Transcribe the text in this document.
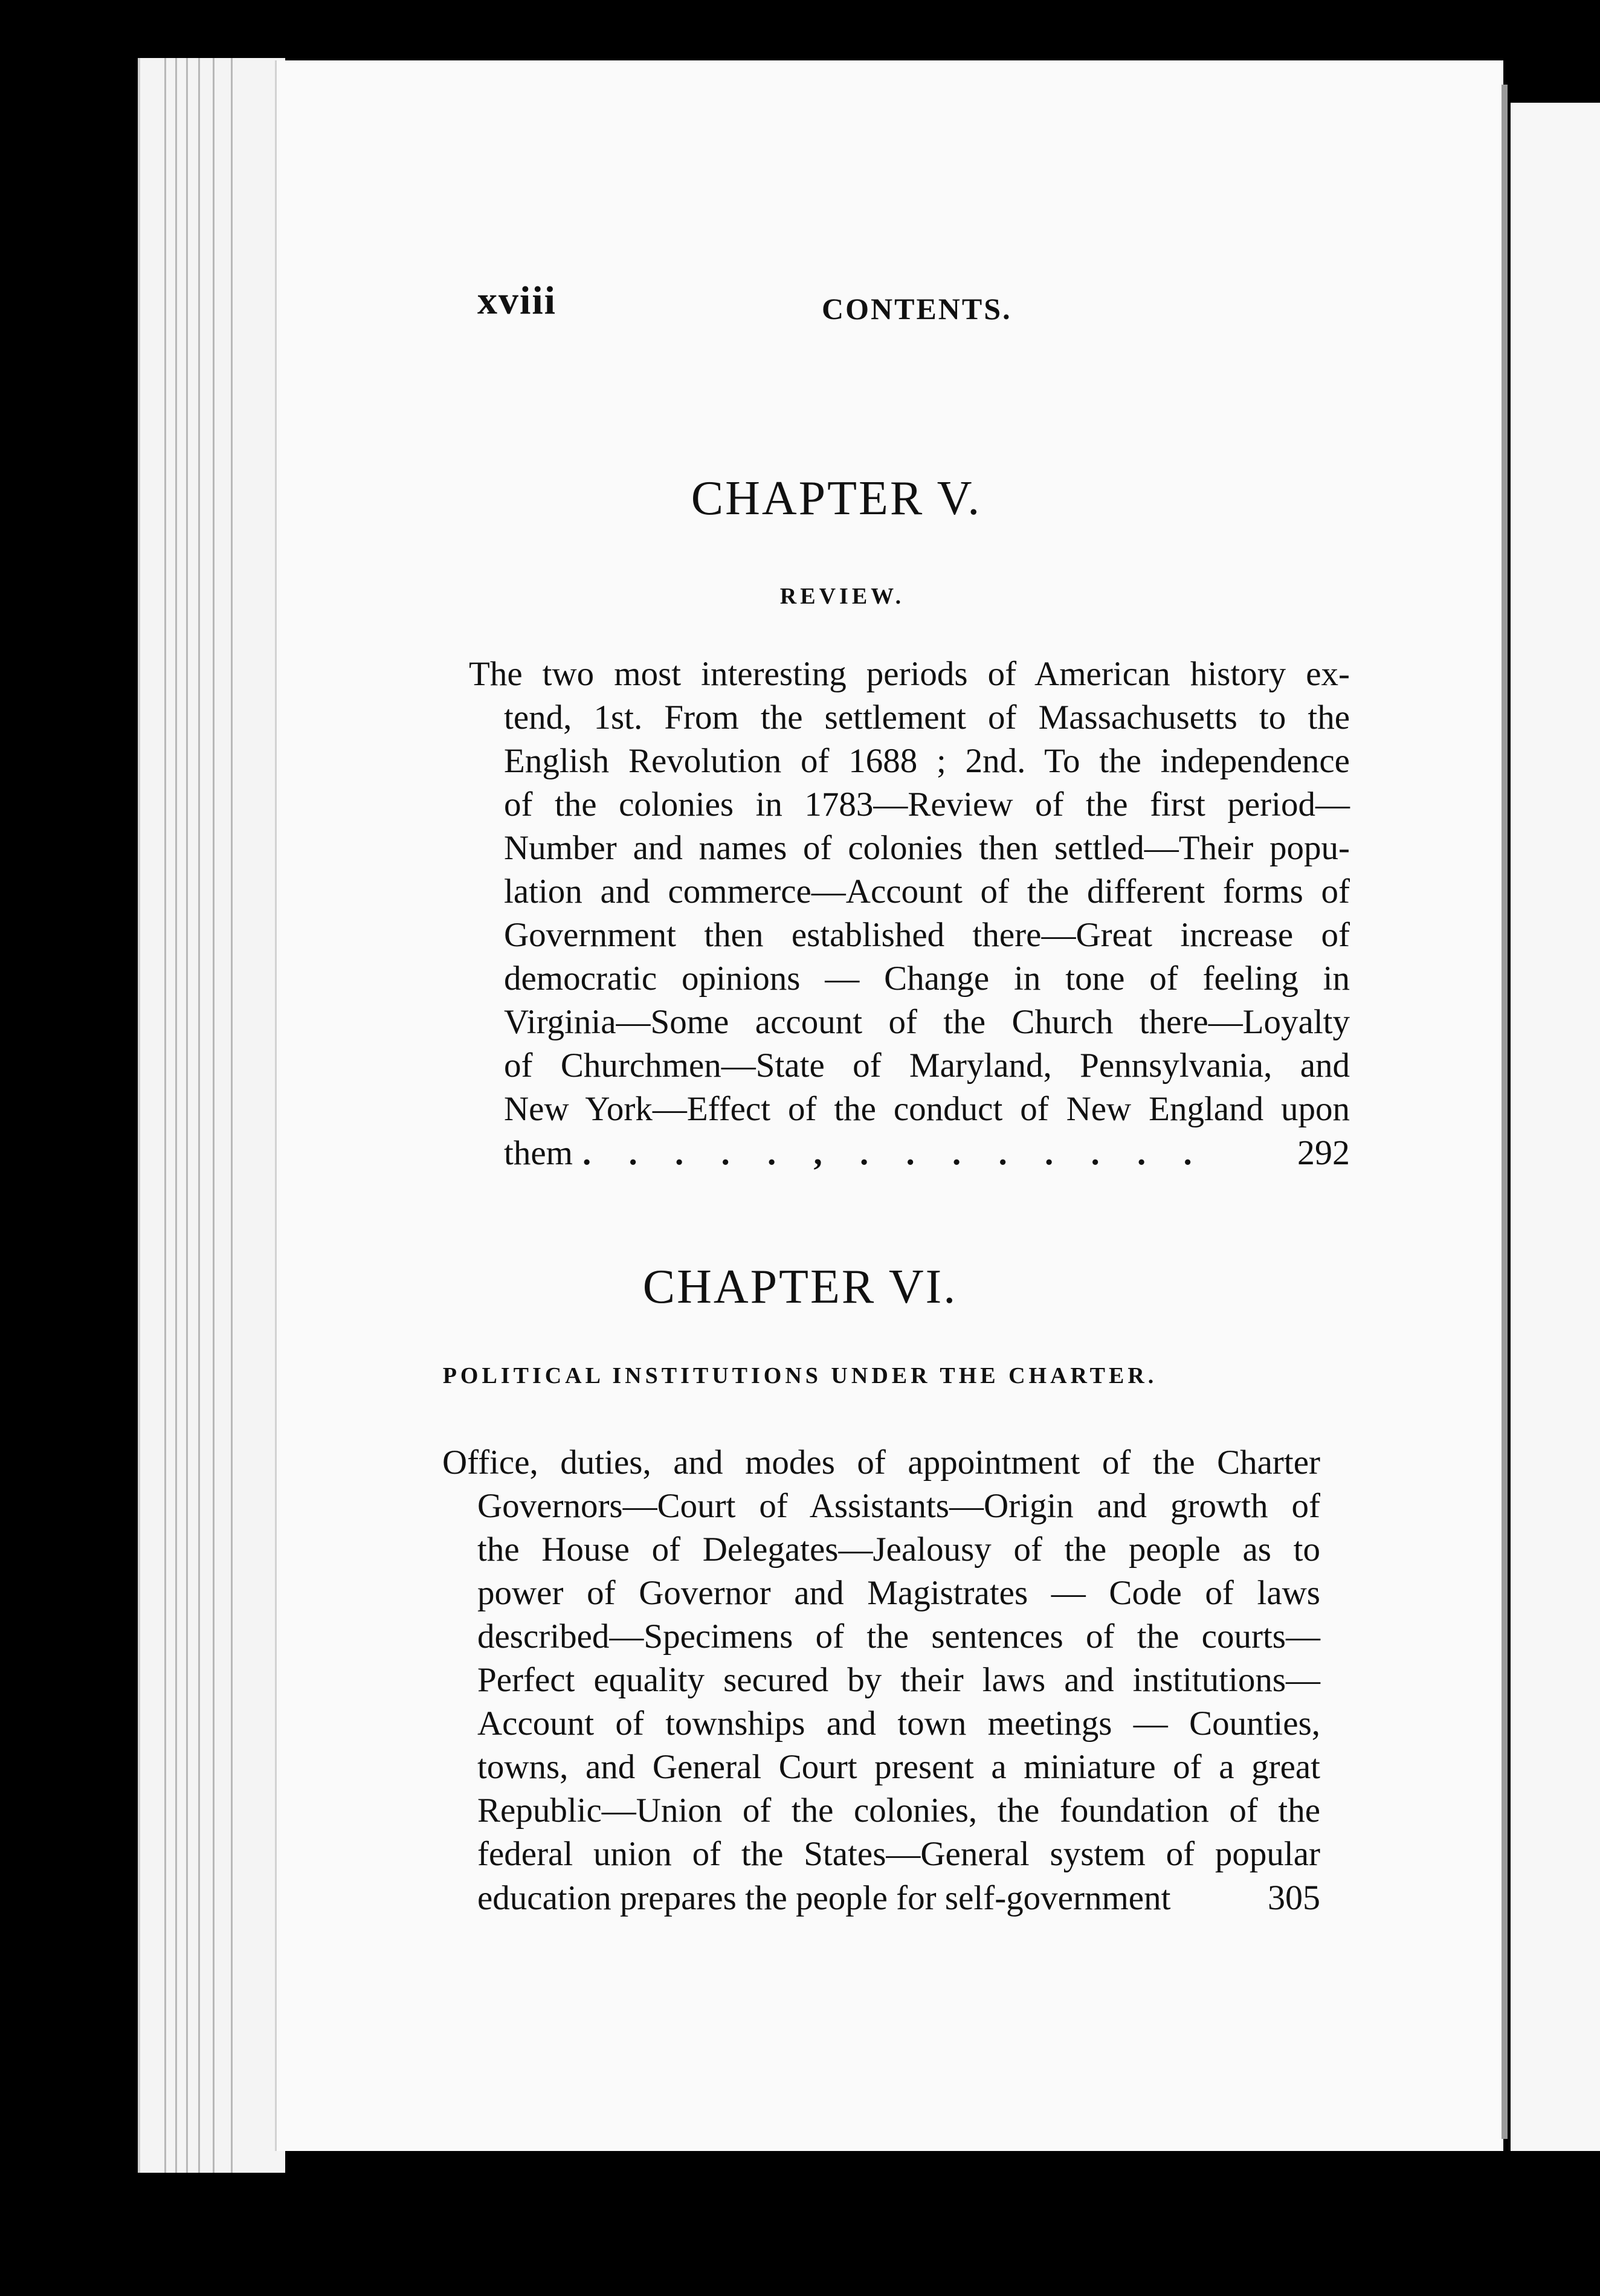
xviii	CONTENTS.
CHAPTER V.
REVIEW.
The two most interesting periods of American history ex-
tend, 1st. From the settlement of Massachusetts to the
English Revolution of 1688 ; 2nd. To the independence
of the colonies in 1783—Review of the first period—
Number and names of colonies then settled—Their popu-
lation and commerce—Account of the different forms of
Government then established there—Great increase of
democratic opinions — Change in tone of feeling in
Virginia—Some account of the Church there—Loyalty
of Churchmen—State of Maryland, Pennsylvania, and
New York—Effect of the conduct of New England upon
them . . . . . , . . . . . . . .	292
CHAPTER VI.
POLITICAL INSTITUTIONS UNDER THE CHARTER.
Office, duties, and modes of appointment of the Charter
Governors—Court of Assistants—Origin and growth of
the House of Delegates—Jealousy of the people as to
power of Governor and Magistrates — Code of laws
described—Specimens of the sentences of the courts—
Perfect equality secured by their laws and institutions—
Account of townships and town meetings — Counties,
towns, and General Court present a miniature of a great
Republic—Union of the colonies, the foundation of the
federal union of the States—General system of popular
education prepares the people for self-government	305
